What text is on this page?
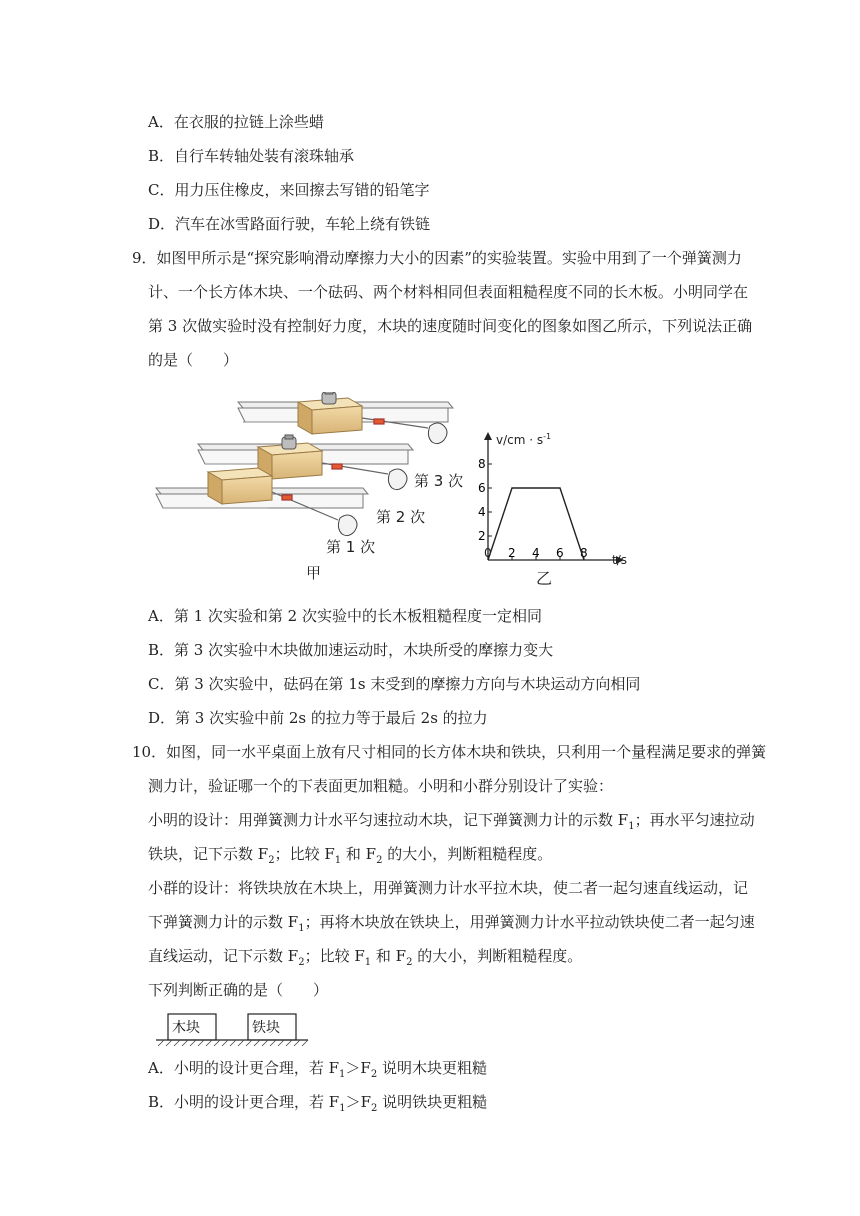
A．在衣服的拉链上涂些蜡
B．自行车转轴处装有滚珠轴承
C．用力压住橡皮，来回擦去写错的铅笔字
D．汽车在冰雪路面行驶，车轮上绕有铁链
9．如图甲所示是“探究影响滑动摩擦力大小的因素”的实验装置。实验中用到了一个弹簧测力
计、一个长方体木块、一个砝码、两个材料相同但表面粗糙程度不同的长木板。小明同学在
第 3 次做实验时没有控制好力度，木块的速度随时间变化的图象如图乙所示，下列说法正确
的是（　　）
第 3 次
第 2 次
第 1 次
甲
$v/cm \cdot s^{-1}$
t/s
0 2 4 6 8
2
4
6
8
乙
A．第 1 次实验和第 2 次实验中的长木板粗糙程度一定相同
B．第 3 次实验中木块做加速运动时，木块所受的摩擦力变大
C．第 3 次实验中，砝码在第 1s 末受到的摩擦力方向与木块运动方向相同
D．第 3 次实验中前 2s 的拉力等于最后 2s 的拉力
10．如图，同一水平桌面上放有尺寸相同的长方体木块和铁块，只利用一个量程满足要求的弹簧
测力计，验证哪一个的下表面更加粗糙。小明和小群分别设计了实验：
小明的设计：用弹簧测力计水平匀速拉动木块，记下弹簧测力计的示数 $F_1$；再水平匀速拉动
铁块，记下示数 $F_2$；比较 $F_1$ 和 $F_2$ 的大小，判断粗糙程度。
小群的设计：将铁块放在木块上，用弹簧测力计水平拉木块，使二者一起匀速直线运动，记
下弹簧测力计的示数 $F_1$；再将木块放在铁块上，用弹簧测力计水平拉动铁块使二者一起匀速
直线运动，记下示数 $F_2$；比较 $F_1$ 和 $F_2$ 的大小，判断粗糙程度。
下列判断正确的是（　　）
木块	铁块
A．小明的设计更合理，若 $F_1>F_2$ 说明木块更粗糙
B．小明的设计更合理，若 $F_1>F_2$ 说明铁块更粗糙
